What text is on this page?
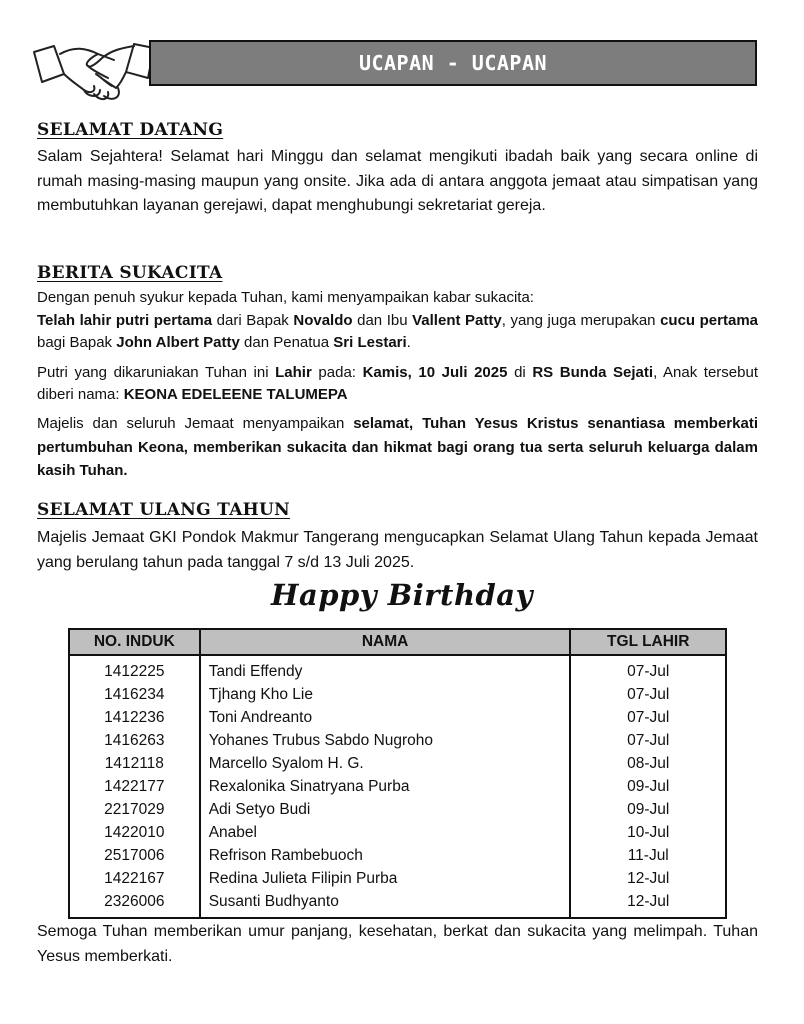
UCAPAN - UCAPAN
SELAMAT DATANG
Salam Sejahtera! Selamat hari Minggu dan selamat mengikuti ibadah baik yang secara online di rumah masing-masing maupun yang onsite. Jika ada di antara anggota jemaat atau simpatisan yang membutuhkan layanan gerejawi, dapat menghubungi sekretariat gereja.
BERITA SUKACITA
Dengan penuh syukur kepada Tuhan, kami menyampaikan kabar sukacita:
Telah lahir putri pertama dari Bapak Novaldo dan Ibu Vallent Patty, yang juga merupakan cucu pertama bagi Bapak John Albert Patty dan Penatua Sri Lestari.
Putri yang dikaruniakan Tuhan ini Lahir pada: Kamis, 10 Juli 2025 di RS Bunda Sejati, Anak tersebut diberi nama: KEONA EDELEENE TALUMEPA
Majelis dan seluruh Jemaat menyampaikan selamat, Tuhan Yesus Kristus senantiasa memberkati pertumbuhan Keona, memberikan sukacita dan hikmat bagi orang tua serta seluruh keluarga dalam kasih Tuhan.
SELAMAT ULANG TAHUN
Majelis Jemaat GKI Pondok Makmur Tangerang mengucapkan Selamat Ulang Tahun kepada Jemaat yang berulang tahun pada tanggal 7 s/d 13 Juli 2025.
Happy Birthday
NO. INDUK	NAMA	TGL LAHIR
1412225	Tandi Effendy	07-Jul
1416234	Tjhang Kho Lie	07-Jul
1412236	Toni Andreanto	07-Jul
1416263	Yohanes Trubus Sabdo Nugroho	07-Jul
1412118	Marcello Syalom H. G.	08-Jul
1422177	Rexalonika Sinatryana Purba	09-Jul
2217029	Adi Setyo Budi	09-Jul
1422010	Anabel	10-Jul
2517006	Refrison Rambebuoch	11-Jul
1422167	Redina Julieta Filipin Purba	12-Jul
2326006	Susanti Budhyanto	12-Jul
Semoga Tuhan memberikan umur panjang, kesehatan, berkat dan sukacita yang melimpah. Tuhan Yesus memberkati.
